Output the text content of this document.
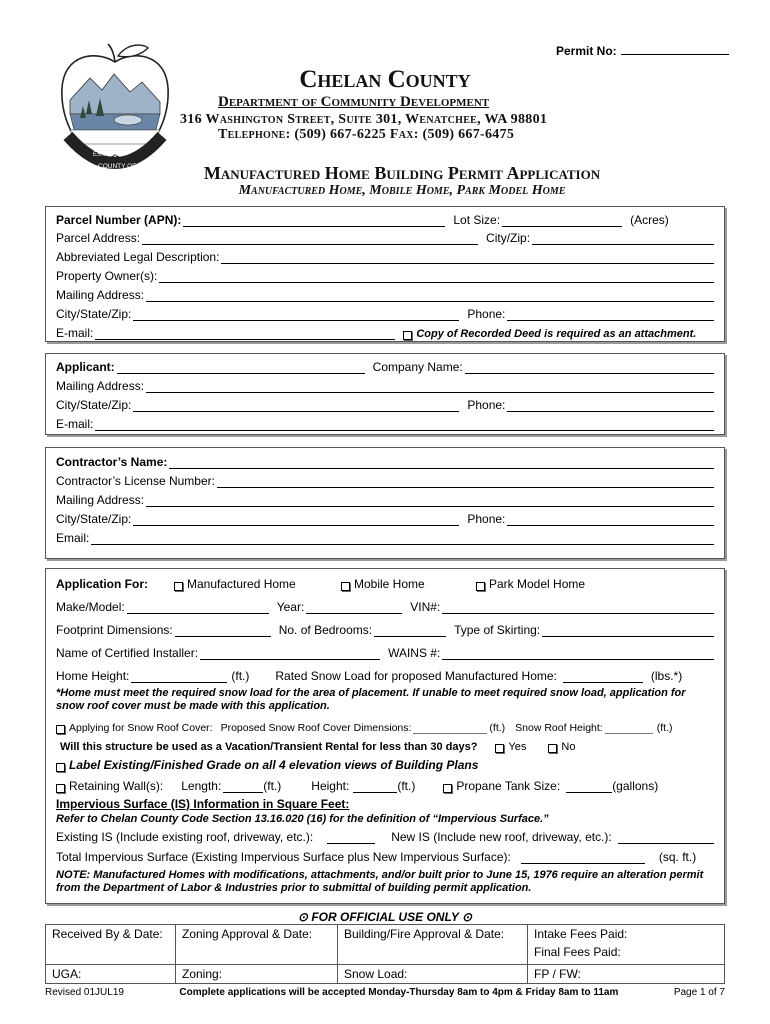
Permit No:
EST. 1899
COUNTY OF CHELAN
Chelan County
Department of Community Development
316 Washington Street, Suite 301, Wenatchee, WA 98801
Telephone: (509) 667-6225 Fax: (509) 667-6475
Manufactured Home Building Permit Application
Manufactured Home, Mobile Home, Park Model Home
Parcel Number (APN):	Lot Size:	(Acres)
Parcel Address:	City/Zip:
Abbreviated Legal Description:
Property Owner(s):
Mailing Address:
City/State/Zip:	Phone:
E-mail:	Copy of Recorded Deed is required as an attachment.
Applicant:	Company Name:
Mailing Address:
City/State/Zip:	Phone:
E-mail:
Contractor’s Name:
Contractor’s License Number:
Mailing Address:
City/State/Zip:	Phone:
Email:
Application For:	Manufactured Home	Mobile Home	Park Model Home
Make/Model:	Year:	VIN#:
Footprint Dimensions:	No. of Bedrooms:	Type of Skirting:
Name of Certified Installer:	WAINS #:
Home Height:	(ft.) Rated Snow Load for proposed Manufactured Home:	(lbs.*)
*Home must meet the required snow load for the area of placement. If unable to meet required snow load, application for snow roof cover must be made with this application.
Applying for Snow Roof Cover: Proposed Snow Roof Cover Dimensions:	(ft.) Snow Roof Height:	(ft.)
Will this structure be used as a Vacation/Transient Rental for less than 30 days?	Yes	No
Label Existing/Finished Grade on all 4 elevation views of Building Plans
Retaining Wall(s): Length:	(ft.)	Height:	(ft.)	Propane Tank Size:	(gallons)
Impervious Surface (IS) Information in Square Feet:
Refer to Chelan County Code Section 13.16.020 (16) for the definition of “Impervious Surface.”
Existing IS (Include existing roof, driveway, etc.):	New IS (Include new roof, driveway, etc.):
Total Impervious Surface (Existing Impervious Surface plus New Impervious Surface):	(sq. ft.)
NOTE: Manufactured Homes with modifications, attachments, and/or built prior to June 15, 1976 require an alteration permit from the Department of Labor & Industries prior to submittal of building permit application.
⊙ FOR OFFICIAL USE ONLY ⊙
Received By & Date:	Zoning Approval & Date:	Building/Fire Approval & Date:	Intake Fees Paid:
Final Fees Paid:

UGA:	Zoning:	Snow Load:	FP / FW:
Revised 01JUL19	Complete applications will be accepted Monday-Thursday 8am to 4pm & Friday 8am to 11am	Page 1 of 7
